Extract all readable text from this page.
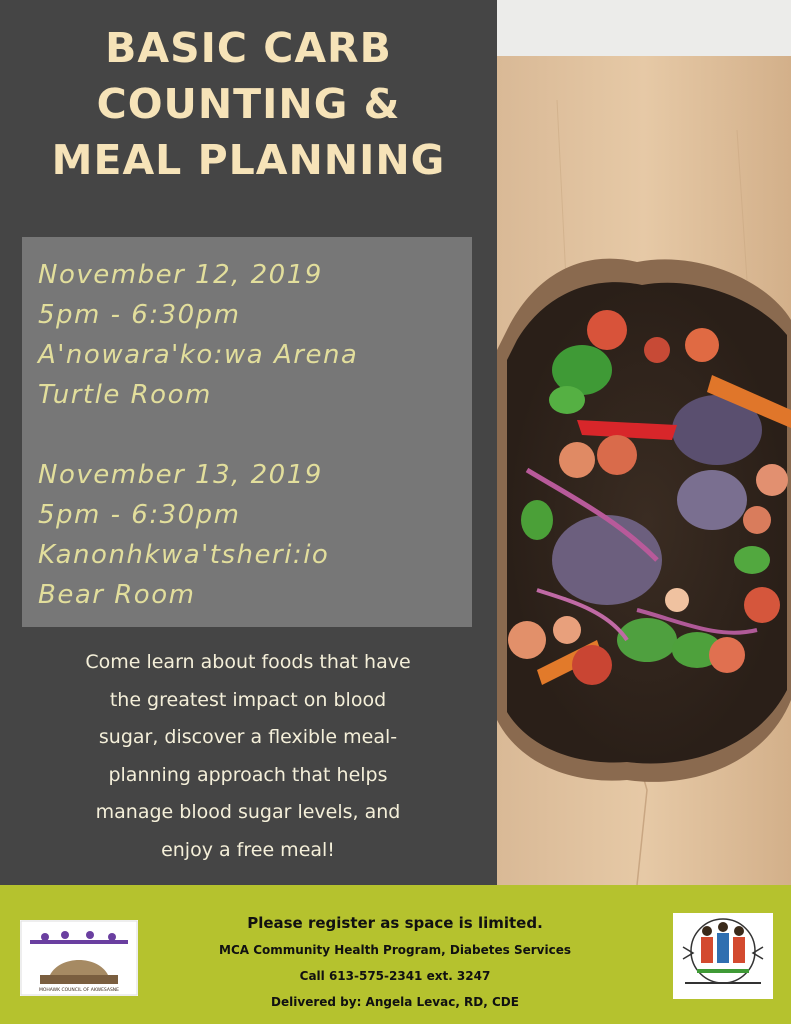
BASIC CARB
COUNTING &
MEAL PLANNING
November 12, 2019
5pm - 6:30pm
A'nowara'ko:wa Arena
Turtle Room
November 13, 2019
5pm - 6:30pm
Kanonhkwa'tsheri:io
Bear Room
Come learn about foods that have
the greatest impact on blood
sugar, discover a flexible meal-
planning approach that helps
manage blood sugar levels, and
enjoy a free meal!
Please register as space is limited.
MCA Community Health Program, Diabetes Services
Call 613-575-2341 ext. 3247
Delivered by: Angela Levac, RD, CDE
MOHAWK COUNCIL OF AKWESASNE
